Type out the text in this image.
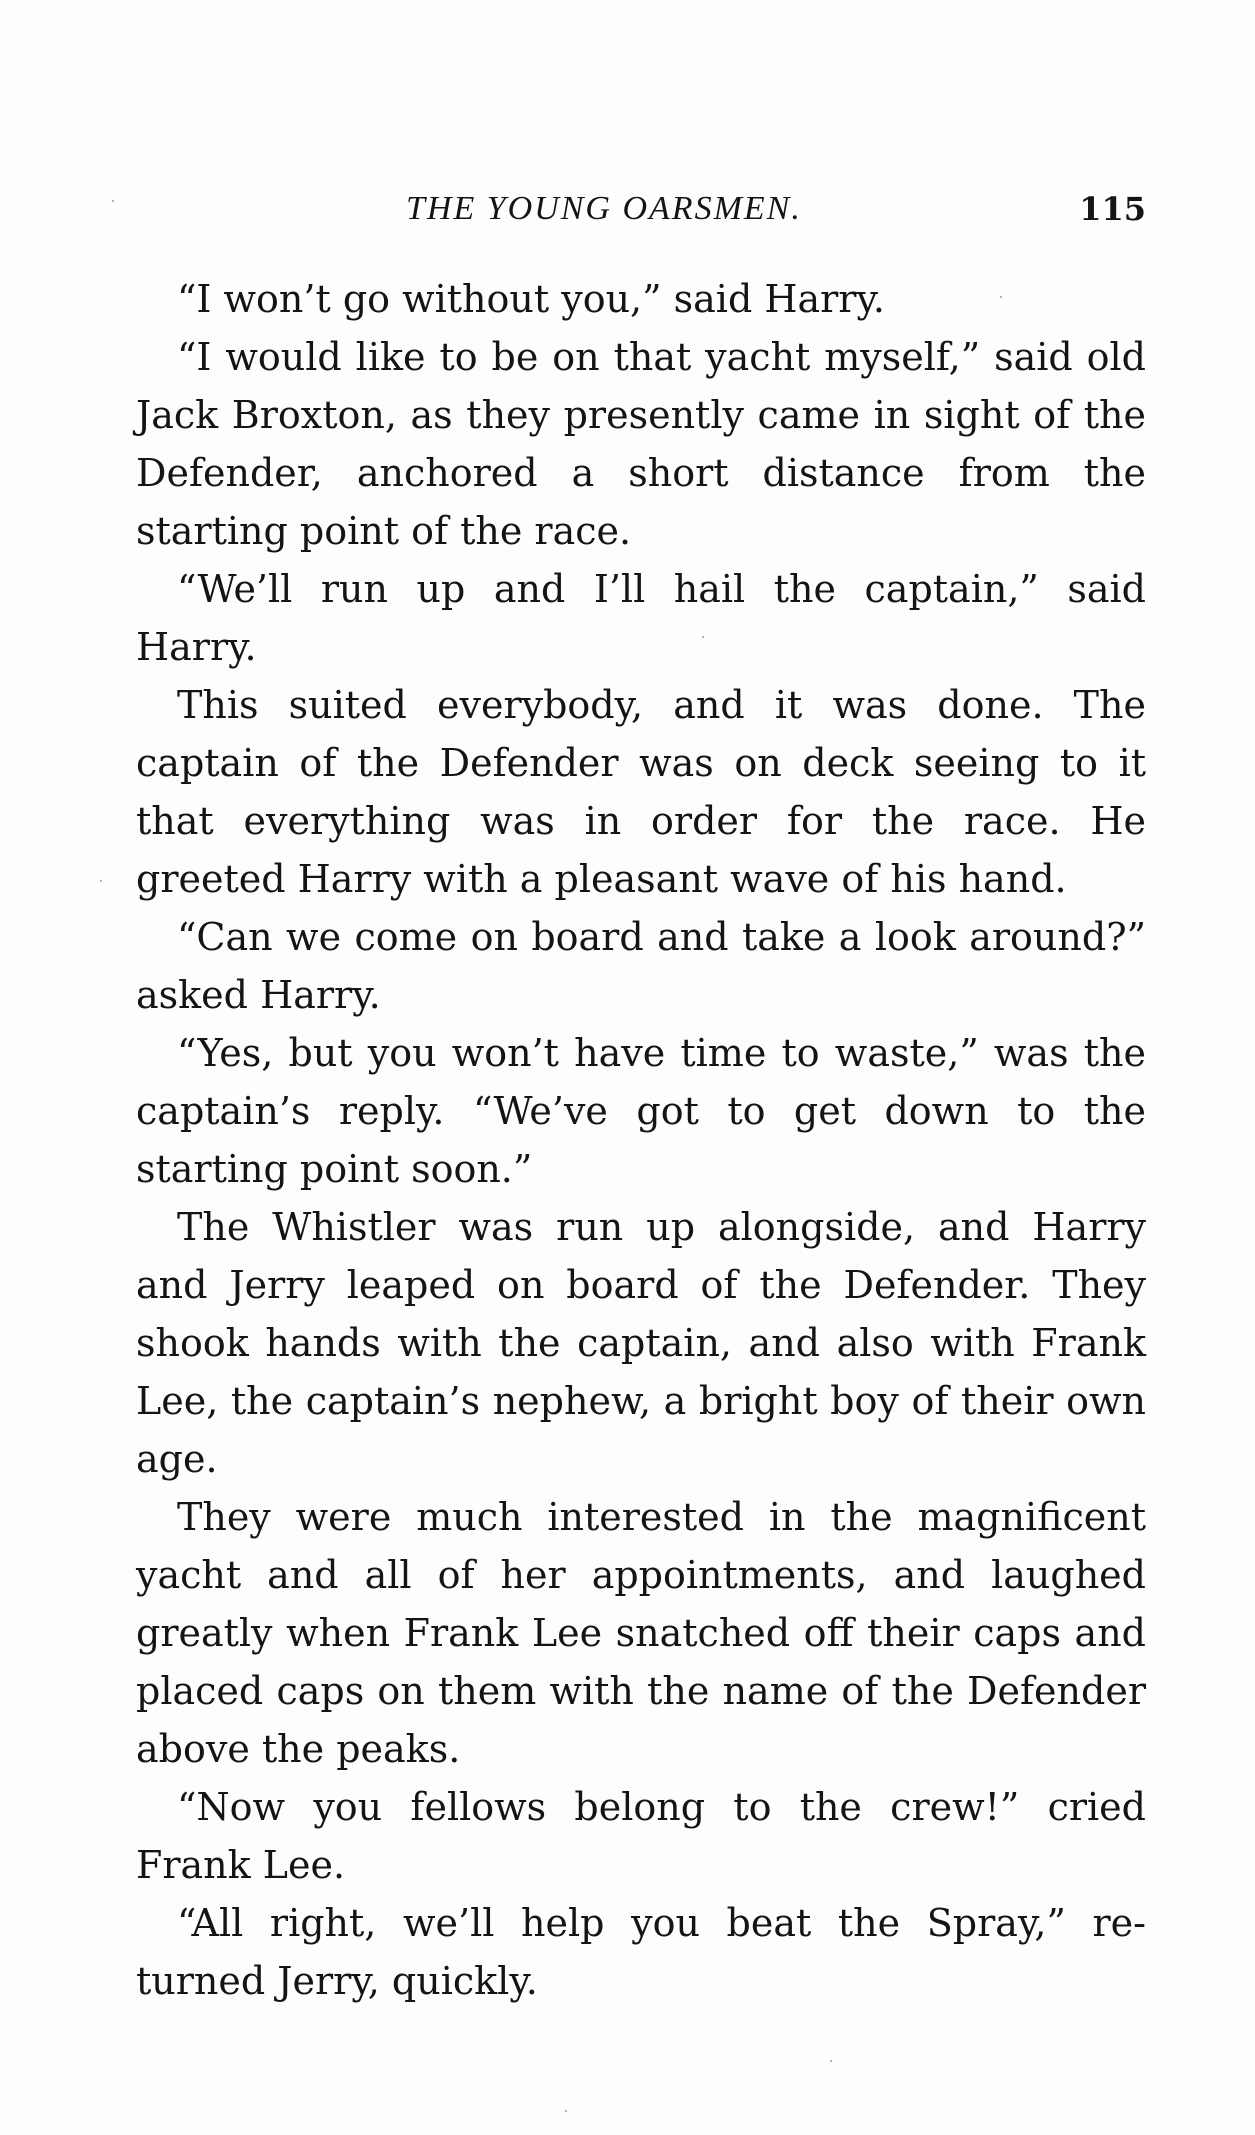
THE YOUNG OARSMEN.	115

“I won’t go without you,” said Harry.

“I would like to be on that yacht myself,” said old Jack Broxton, as they presently came in sight of the Defender, anchored a short distance from the starting point of the race.

“We’ll run up and I’ll hail the captain,” said Harry.

This suited everybody, and it was done. The captain of the Defender was on deck seeing to it that everything was in order for the race. He greeted Harry with a pleasant wave of his hand.

“Can we come on board and take a look around?” asked Harry.

“Yes, but you won’t have time to waste,” was the captain’s reply. “We’ve got to get down to the starting point soon.”

The Whistler was run up alongside, and Harry and Jerry leaped on board of the Defender. They shook hands with the captain, and also with Frank Lee, the captain’s nephew, a bright boy of their own age.

They were much interested in the magnificent yacht and all of her appointments, and laughed greatly when Frank Lee snatched off their caps and placed caps on them with the name of the Defender above the peaks.

“Now you fellows belong to the crew!” cried Frank Lee.

“All right, we’ll help you beat the Spray,” re-turned Jerry, quickly.
